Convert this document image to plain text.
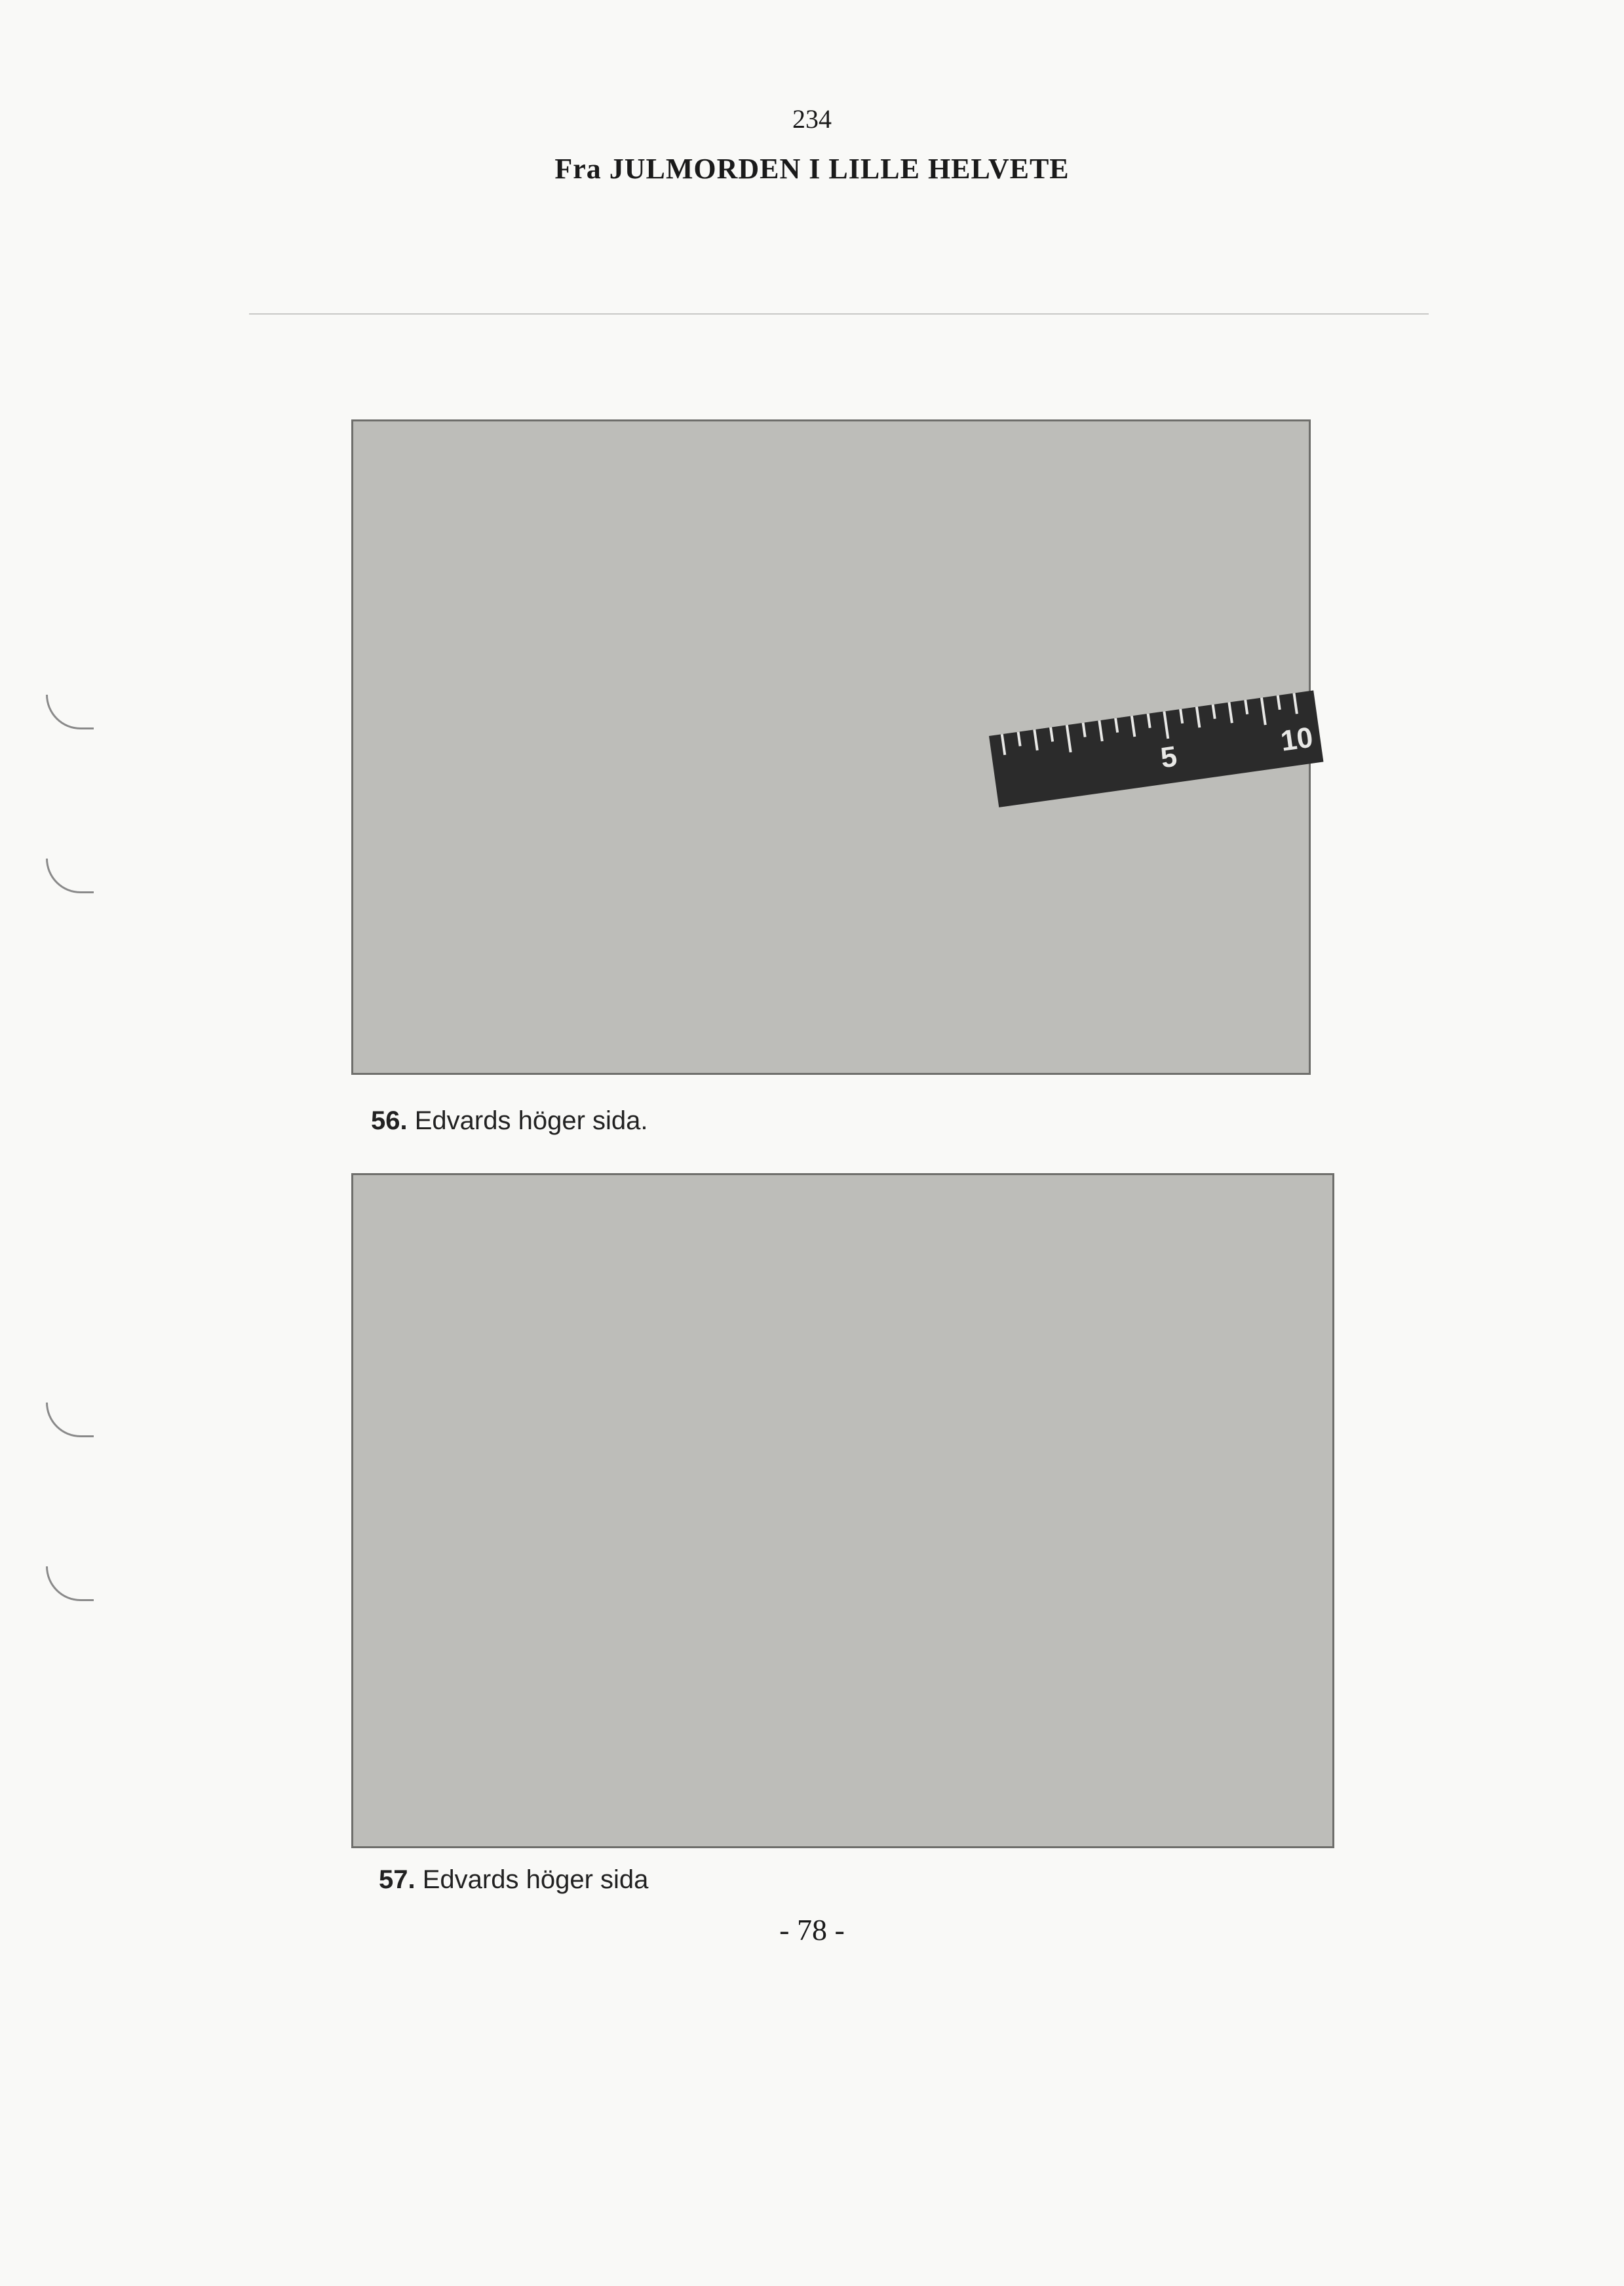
234
Fra JULMORDEN I LILLE HELVETE
5	10
56. Edvards höger sida.
57. Edvards höger sida
- 78 -
